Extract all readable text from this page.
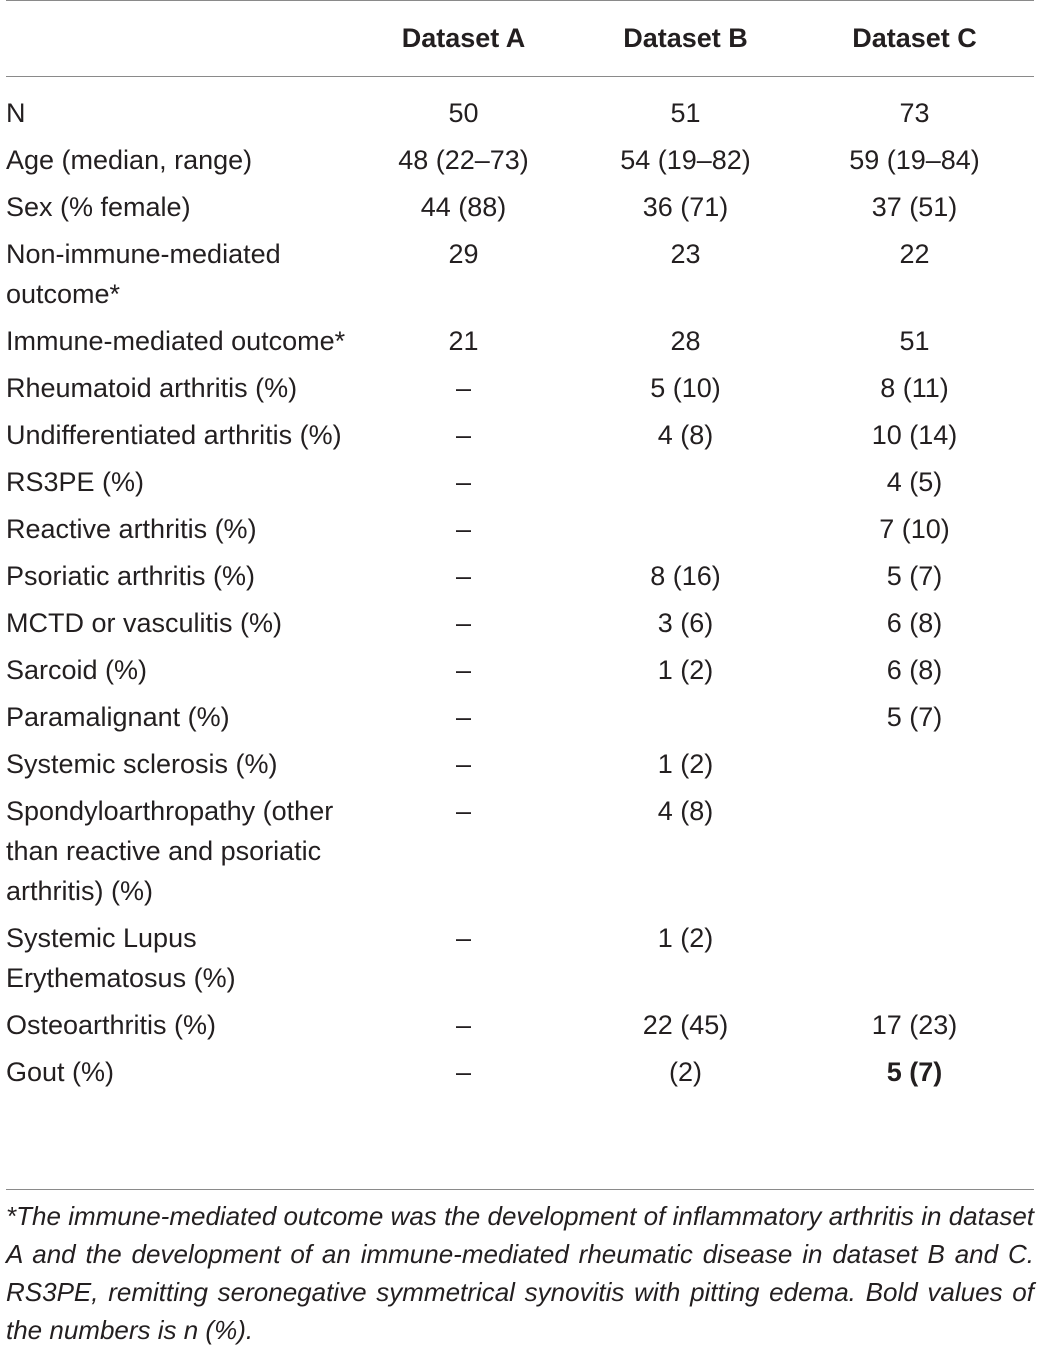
	Dataset A	Dataset B	Dataset C
N	50	51	73
Age (median, range)	48 (22–73)	54 (19–82)	59 (19–84)
Sex (% female)	44 (88)	36 (71)	37 (51)
Non-immune-mediated outcome*	29	23	22
Immune-mediated outcome*	21	28	51
Rheumatoid arthritis (%)	–	5 (10)	8 (11)
Undifferentiated arthritis (%)	–	4 (8)	10 (14)
RS3PE (%)	–		4 (5)
Reactive arthritis (%)	–		7 (10)
Psoriatic arthritis (%)	–	8 (16)	5 (7)
MCTD or vasculitis (%)	–	3 (6)	6 (8)
Sarcoid (%)	–	1 (2)	6 (8)
Paramalignant (%)	–		5 (7)
Systemic sclerosis (%)	–	1 (2)	
Spondyloarthropathy (other than reactive and psoriatic arthritis) (%)	–	4 (8)	
Systemic Lupus Erythematosus (%)	–	1 (2)	
Osteoarthritis (%)	–	22 (45)	17 (23)
Gout (%)	–	(2)	5 (7)
*The immune-mediated outcome was the development of inflammatory arthritis in dataset A and the development of an immune-mediated rheumatic disease in dataset B and C. RS3PE, remitting seronegative symmetrical synovitis with pitting edema. Bold values of the numbers is n (%).
